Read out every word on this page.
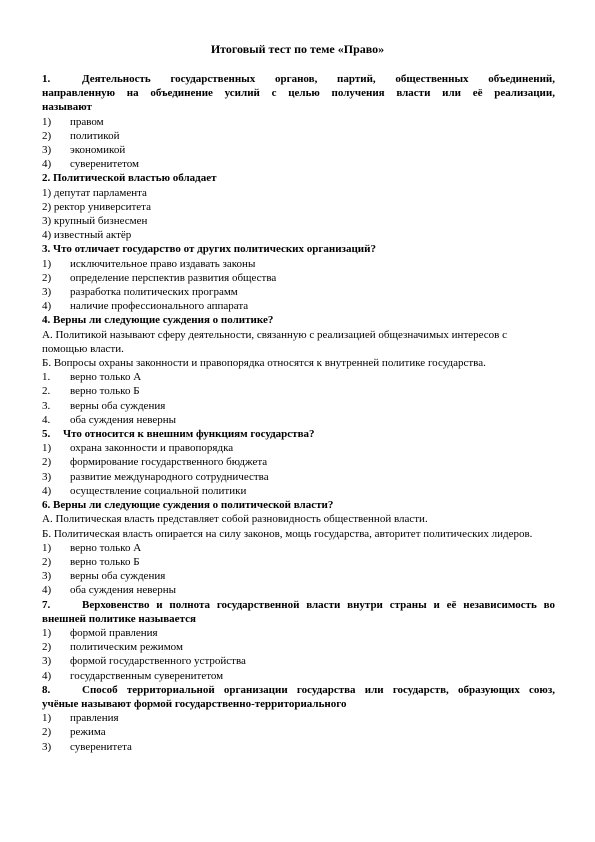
Итоговый тест по теме «Право»
1.	Деятельность государственных органов, партий, общественных объединений,
направленную на объединение усилий с целью получения власти или её реализации,
называют
1) правом
2) политикой
3) экономикой
4) суверенитетом
2. Политической властью обладает
1) депутат парламента
2) ректор университета
3) крупный бизнесмен
4) известный актёр
3. Что отличает государство от других политических организаций?
1) исключительное право издавать законы
2) определение перспектив развития общества
3) разработка политических программ
4) наличие профессионального аппарата
4. Верны ли следующие суждения о политике?
А. Политикой называют сферу деятельности, связанную с реализацией общезначимых интересов с помощью власти.
Б. Вопросы охраны законности и правопорядка относятся к внутренней политике государства.
1. верно только А
2. верно только Б
3. верны оба суждения
4. оба суждения неверны
5. Что относится к внешним функциям государства?
1) охрана законности и правопорядка
2) формирование государственного бюджета
3) развитие международного сотрудничества
4) осуществление социальной политики
6. Верны ли следующие суждения о политической власти?
А. Политическая власть представляет собой разновидность общественной власти.
Б. Политическая власть опирается на силу законов, мощь государства, авторитет политических лидеров.
1) верно только А
2) верно только Б
3) верны оба суждения
4) оба суждения неверны
7.	Верховенство и полнота государственной власти внутри страны и её независимость во
внешней политике называется
1) формой правления
2) политическим режимом
3) формой государственного устройства
4) государственным суверенитетом
8.	Способ территориальной организации государства или государств, образующих союз,
учёные называют формой государственно-территориального
1) правления
2) режима
3) суверенитета
